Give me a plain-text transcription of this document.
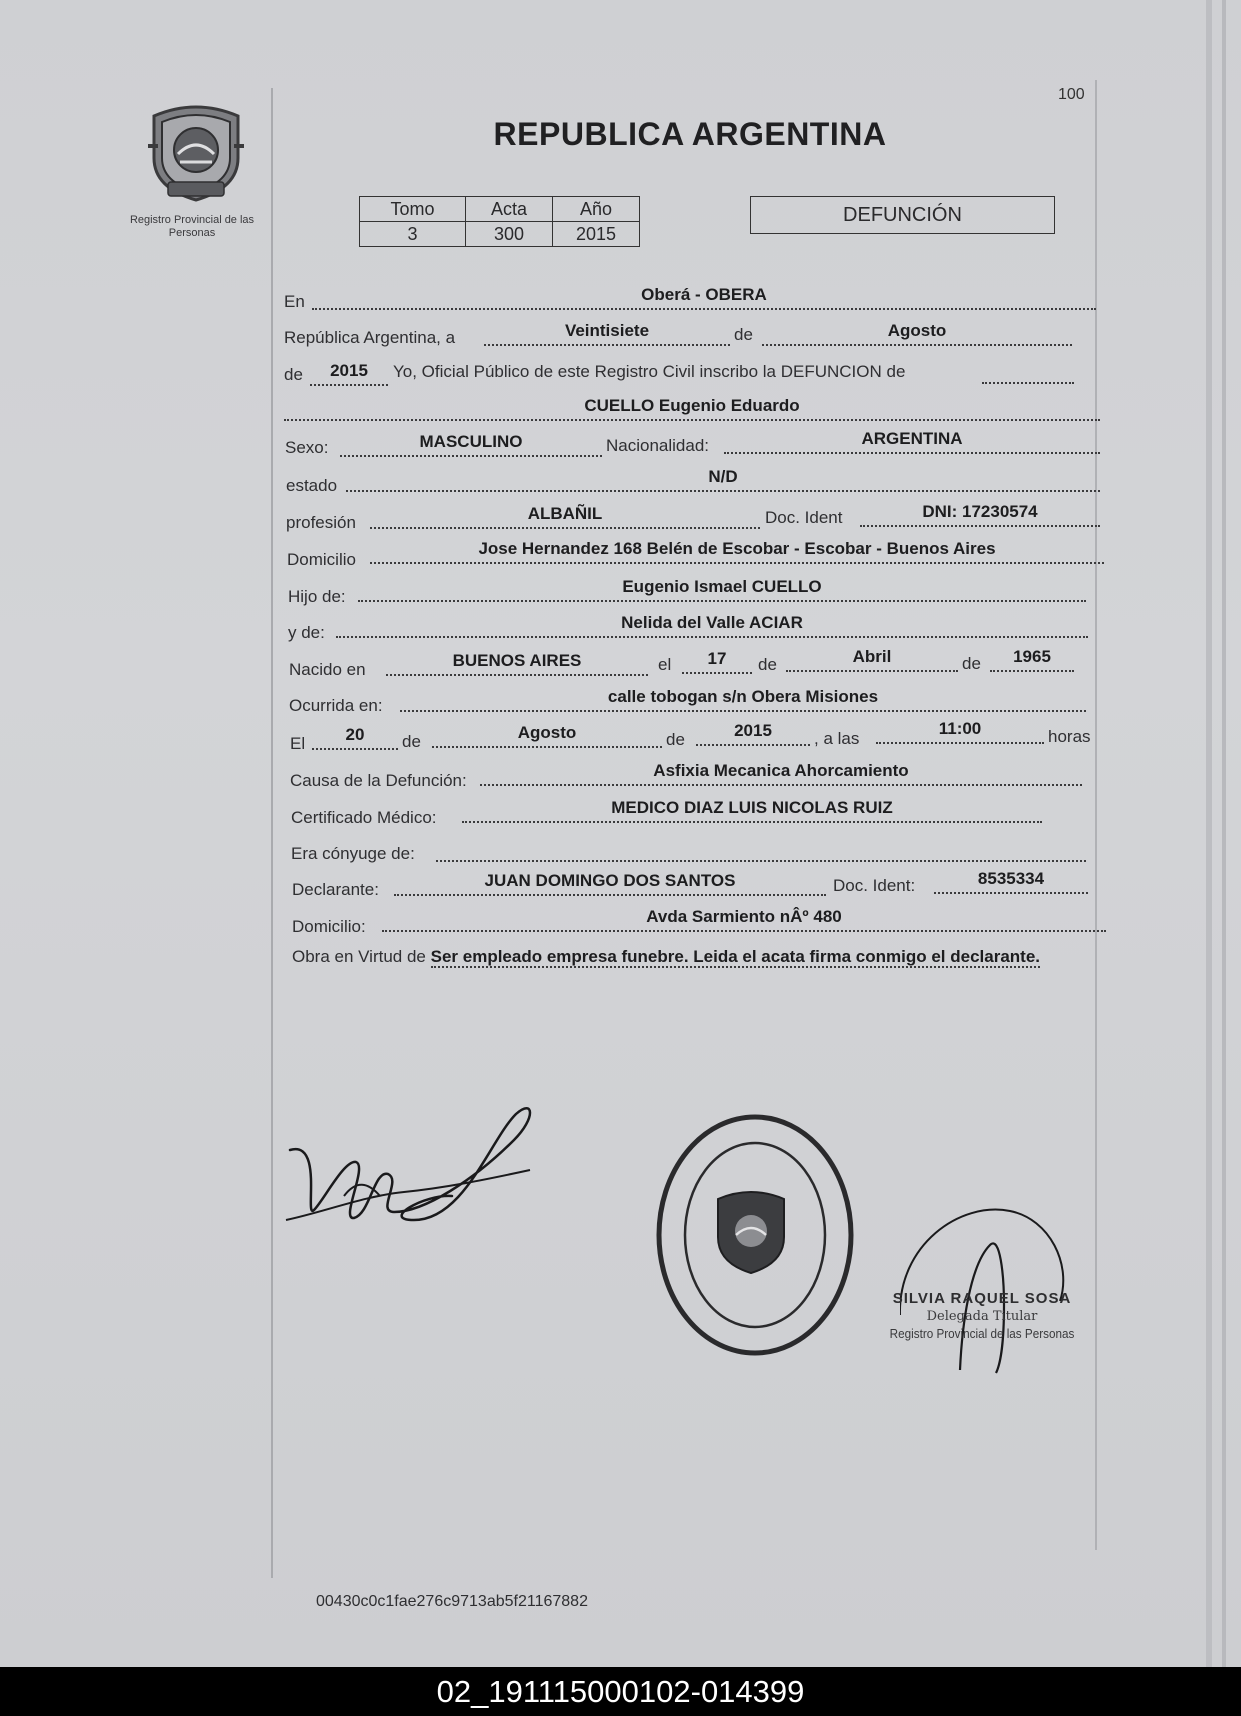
Registro Provincial de las Personas
100
REPUBLICA ARGENTINA
Tomo	Acta	Año
3	300	2015
DEFUNCIÓN
En	Oberá - OBERA
República Argentina, a	Veintisiete	de	Agosto
de	2015	Yo, Oficial Público de este Registro Civil inscribo la DEFUNCION de
CUELLO Eugenio Eduardo
Sexo:	MASCULINO	Nacionalidad:	ARGENTINA
estado	N/D
profesión	ALBAÑIL	Doc. Ident	DNI: 17230574
Domicilio
Jose Hernandez 168 Belén de Escobar - Escobar - Buenos Aires
Hijo de:
Eugenio Ismael CUELLO
y de:
Nelida del Valle ACIAR
Nacido en	BUENOS AIRES	el	17	de	Abril	de	1965
Ocurrida en:	calle tobogan s/n Obera Misiones
El	20	de	Agosto	de	2015	, a las
11:00	horas
Causa de la Defunción:
Asfixia Mecanica Ahorcamiento
Certificado Médico:
MEDICO DIAZ LUIS NICOLAS RUIZ
Era cónyuge de:
Declarante:	JUAN DOMINGO DOS SANTOS	Doc. Ident:	8535334
Domicilio:
Avda Sarmiento nÂº 480
Obra en Virtud de Ser empleado empresa funebre. Leida el acata firma conmigo el declarante.
SILVIA RAQUEL SOSA
Delegada Titular
Registro Provincial de las Personas
00430c0c1fae276c9713ab5f21167882
02_191115000102-014399
